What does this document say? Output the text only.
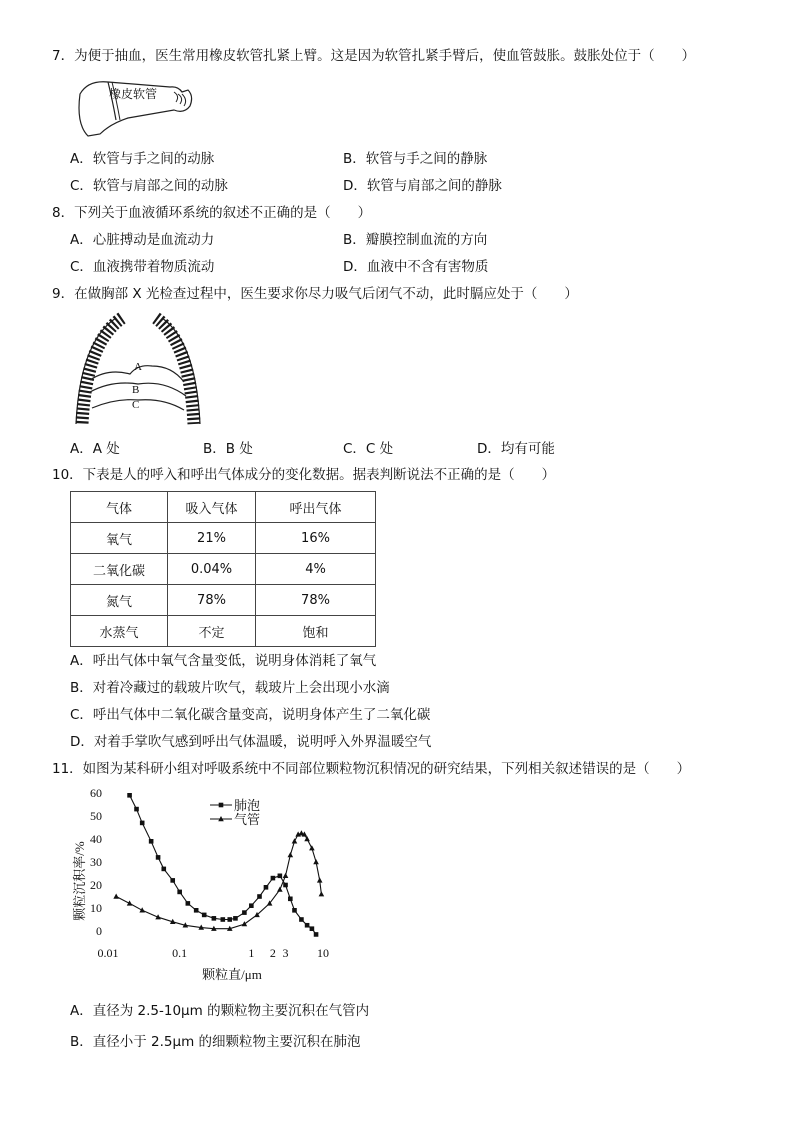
7．为便于抽血，医生常用橡皮软管扎紧上臂。这是因为软管扎紧手臂后，使血管鼓胀。鼓胀处位于（　　）
橡皮软管
A．软管与手之间的动脉	B．软管与手之间的静脉
C．软管与肩部之间的动脉	D．软管与肩部之间的静脉
8．下列关于血液循环系统的叙述不正确的是（　　）
A．心脏搏动是血流动力	B．瓣膜控制血流的方向
C．血液携带着物质流动	D．血液中不含有害物质
9．在做胸部 X 光检查过程中，医生要求你尽力吸气后闭气不动，此时膈应处于（　　）
A
B
C
A．A 处	B．B 处	C．C 处	D．均有可能
10．下表是人的呼入和呼出气体成分的变化数据。据表判断说法不正确的是（　　）
气体	吸入气体	呼出气体
氧气	21%	16%
二氧化碳	0.04%	4%
氮气	78%	78%
水蒸气	不定	饱和
A．呼出气体中氧气含量变低，说明身体消耗了氧气
B．对着冷藏过的载玻片吹气，载玻片上会出现小水滴
C．呼出气体中二氧化碳含量变高，说明身体产生了二氧化碳
D．对着手掌吹气感到呼出气体温暖，说明呼入外界温暖空气
11．如图为某科研小组对呼吸系统中不同部位颗粒物沉积情况的研究结果，下列相关叙述错误的是（　　）
颗粒沉积率/%
颗粒直/μm
0
10
20
30
40
50
60
0.01	0.1	1 2 3 10
肺泡
气管
A．直径为 2.5-10μm 的颗粒物主要沉积在气管内
B．直径小于 2.5μm 的细颗粒物主要沉积在肺泡
